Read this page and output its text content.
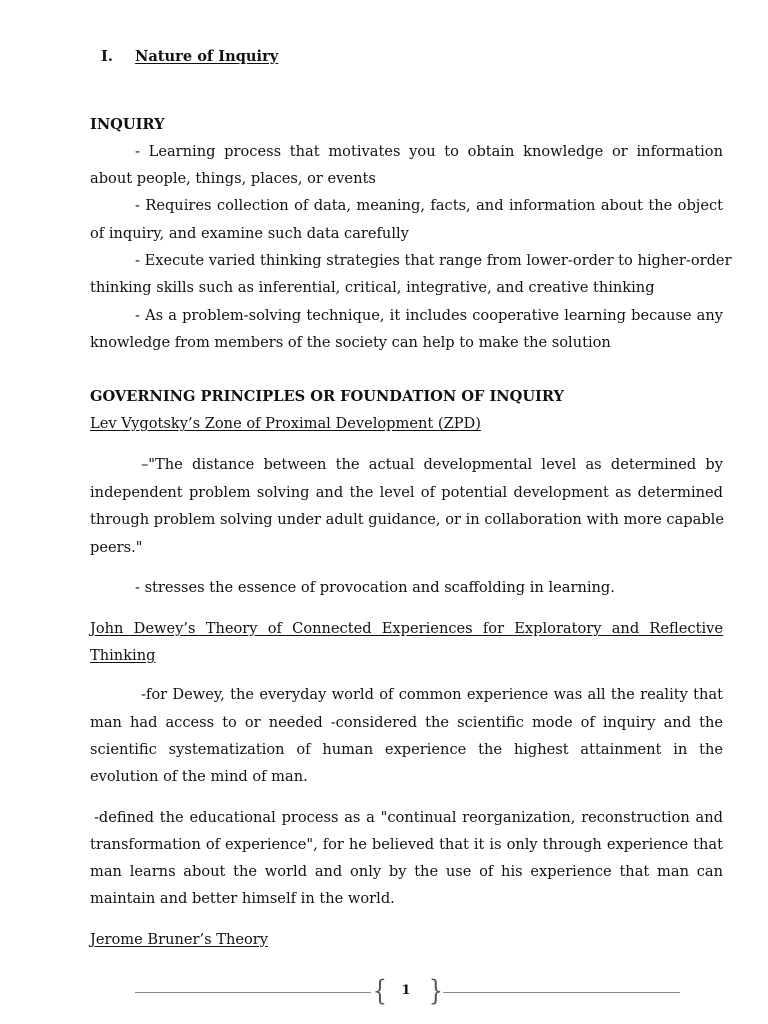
I. Nature of Inquiry
INQUIRY
- Learning process that motivates you to obtain knowledge or information
about people, things, places, or events
- Requires collection of data, meaning, facts, and information about the object
of inquiry, and examine such data carefully
- Execute varied thinking strategies that range from lower-order to higher-order
thinking skills such as inferential, critical, integrative, and creative thinking
- As a problem-solving technique, it includes cooperative learning because any
knowledge from members of the society can help to make the solution
GOVERNING PRINCIPLES OR FOUNDATION OF INQUIRY
Lev Vygotsky’s Zone of Proximal Development (ZPD)
–"The distance between the actual developmental level as determined by
independent problem solving and the level of potential development as determined
through problem solving under adult guidance, or in collaboration with more capable
peers."
- stresses the essence of provocation and scaffolding in learning.
John Dewey’s Theory of Connected Experiences for Exploratory and Reflective
Thinking
-for Dewey, the everyday world of common experience was all the reality that
man had access to or needed -considered the scientific mode of inquiry and the
scientific systematization of human experience the highest attainment in the
evolution of the mind of man.
-defined the educational process as a "continual reorganization, reconstruction and
transformation of experience", for he believed that it is only through experience that
man learns about the world and only by the use of his experience that man can
maintain and better himself in the world.
Jerome Bruner’s Theory
{ 1 }
